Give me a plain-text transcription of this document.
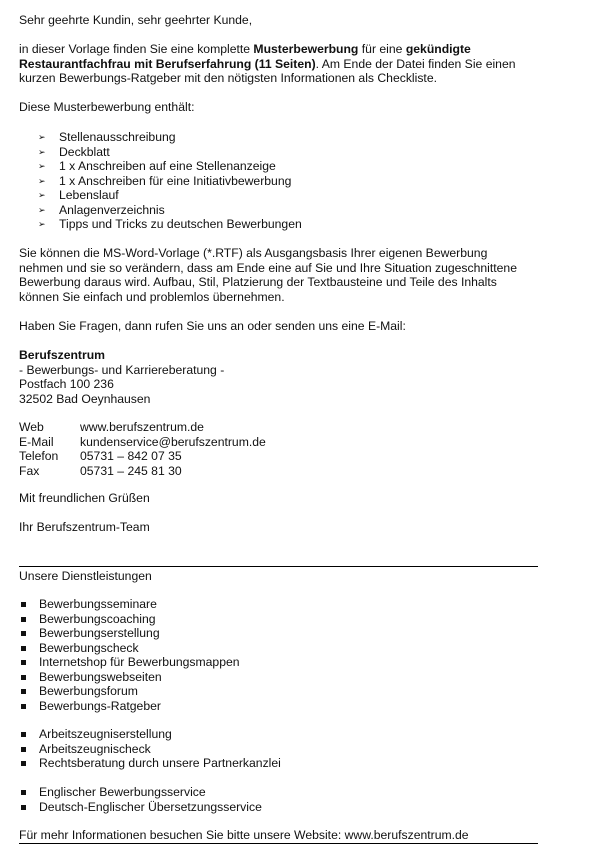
Sehr geehrte Kundin, sehr geehrter Kunde,

in dieser Vorlage finden Sie eine komplette Musterbewerbung für eine gekündigte

Restaurantfachfrau mit Berufserfahrung (11 Seiten). Am Ende der Datei finden Sie einen

kurzen Bewerbungs-Ratgeber mit den nötigsten Informationen als Checkliste.

Diese Musterbewerbung enthält:

➢ Stellenausschreibung
➢ Deckblatt
➢ 1 x Anschreiben auf eine Stellenanzeige
➢ 1 x Anschreiben für eine Initiativbewerbung
➢ Lebenslauf
➢ Anlagenverzeichnis
➢ Tipps und Tricks zu deutschen Bewerbungen

Sie können die MS-Word-Vorlage (*.RTF) als Ausgangsbasis Ihrer eigenen Bewerbung

nehmen und sie so verändern, dass am Ende eine auf Sie und Ihre Situation zugeschnittene

Bewerbung daraus wird. Aufbau, Stil, Platzierung der Textbausteine und Teile des Inhalts

können Sie einfach und problemlos übernehmen.

Haben Sie Fragen, dann rufen Sie uns an oder senden uns eine E-Mail:

Berufszentrum

- Bewerbungs- und Karriereberatung -

Postfach 100 236

32502 Bad Oeynhausen

Web	www.berufszentrum.de
E-Mail	kundenservice@berufszentrum.de
Telefon	05731 – 842 07 35
Fax	05731 – 245 81 30

Mit freundlichen Grüßen

Ihr Berufszentrum-Team

Unsere Dienstleistungen

Bewerbungsseminare
Bewerbungscoaching
Bewerbungserstellung
Bewerbungscheck
Internetshop für Bewerbungsmappen
Bewerbungswebseiten
Bewerbungsforum
Bewerbungs-Ratgeber
Arbeitszeugniserstellung
Arbeitszeugnischeck
Rechtsberatung durch unsere Partnerkanzlei
Englischer Bewerbungsservice
Deutsch-Englischer Übersetzungsservice

Für mehr Informationen besuchen Sie bitte unsere Website: www.berufszentrum.de
